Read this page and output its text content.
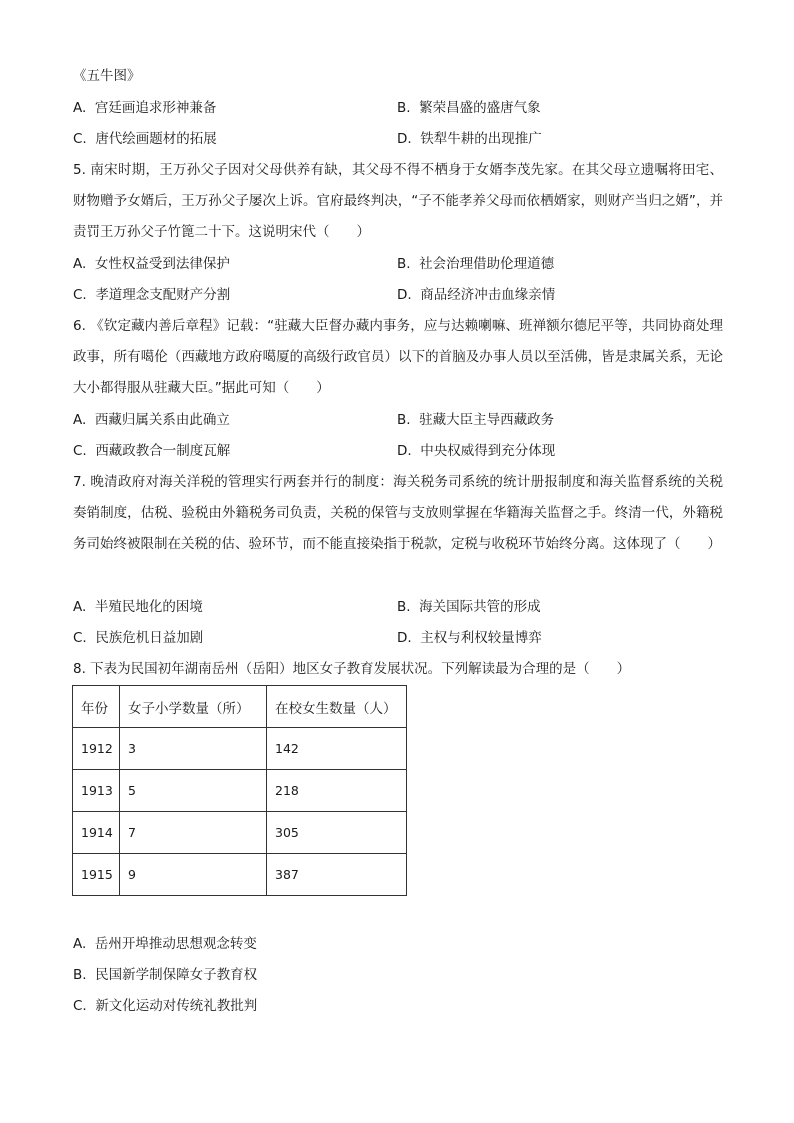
《五牛图》
A. 宫廷画追求形神兼备	B. 繁荣昌盛的盛唐气象
C. 唐代绘画题材的拓展	D. 铁犁牛耕的出现推广
5. 南宋时期，王万孙父子因对父母供养有缺，其父母不得不栖身于女婿李茂先家。在其父母立遗嘱将田宅、财物赠予女婿后，王万孙父子屡次上诉。官府最终判决，“子不能孝养父母而依栖婿家，则财产当归之婿”，并责罚王万孙父子竹篦二十下。这说明宋代（　　）
A. 女性权益受到法律保护	B. 社会治理借助伦理道德
C. 孝道理念支配财产分割	D. 商品经济冲击血缘亲情
6. 《钦定藏内善后章程》记载：“驻藏大臣督办藏内事务，应与达赖喇嘛、班禅额尔德尼平等，共同协商处理政事，所有噶伦（西藏地方政府噶厦的高级行政官员）以下的首脑及办事人员以至活佛，皆是隶属关系，无论大小都得服从驻藏大臣。”据此可知（　　）
A. 西藏归属关系由此确立	B. 驻藏大臣主导西藏政务
C. 西藏政教合一制度瓦解	D. 中央权威得到充分体现
7. 晚清政府对海关洋税的管理实行两套并行的制度：海关税务司系统的统计册报制度和海关监督系统的关税奏销制度，估税、验税由外籍税务司负责，关税的保管与支放则掌握在华籍海关监督之手。终清一代，外籍税务司始终被限制在关税的估、验环节，而不能直接染指于税款，定税与收税环节始终分离。这体现了（　　）
A. 半殖民地化的困境	B. 海关国际共管的形成
C. 民族危机日益加剧	D. 主权与利权较量博弈
8. 下表为民国初年湖南岳州（岳阳）地区女子教育发展状况。下列解读最为合理的是（　　）
年份	女子小学数量（所）	在校女生数量（人）
1912	3	142
1913	5	218
1914	7	305
1915	9	387
A. 岳州开埠推动思想观念转变
B. 民国新学制保障女子教育权
C. 新文化运动对传统礼教批判
